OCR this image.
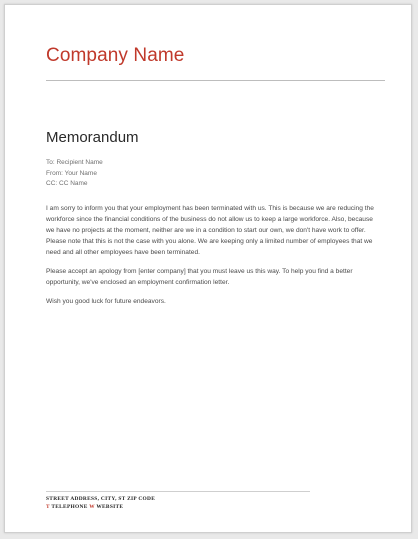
Company Name
Memorandum
To: Recipient Name
From: Your Name
CC: CC Name

I am sorry to inform you that your employment has been terminated with us. This is because we are reducing the workforce since the financial conditions of the business do not allow us to keep a large workforce. Also, because we have no projects at the moment, neither are we in a condition to start our own, we don't have work to offer. Please note that this is not the case with you alone. We are keeping only a limited number of employees that we need and all other employees have been terminated.

Please accept an apology from [enter company] that you must leave us this way. To help you find a better opportunity, we've enclosed an employment confirmation letter.

Wish you good luck for future endeavors.

STREET ADDRESS, CITY, ST ZIP CODE
T TELEPHONE W WEBSITE
